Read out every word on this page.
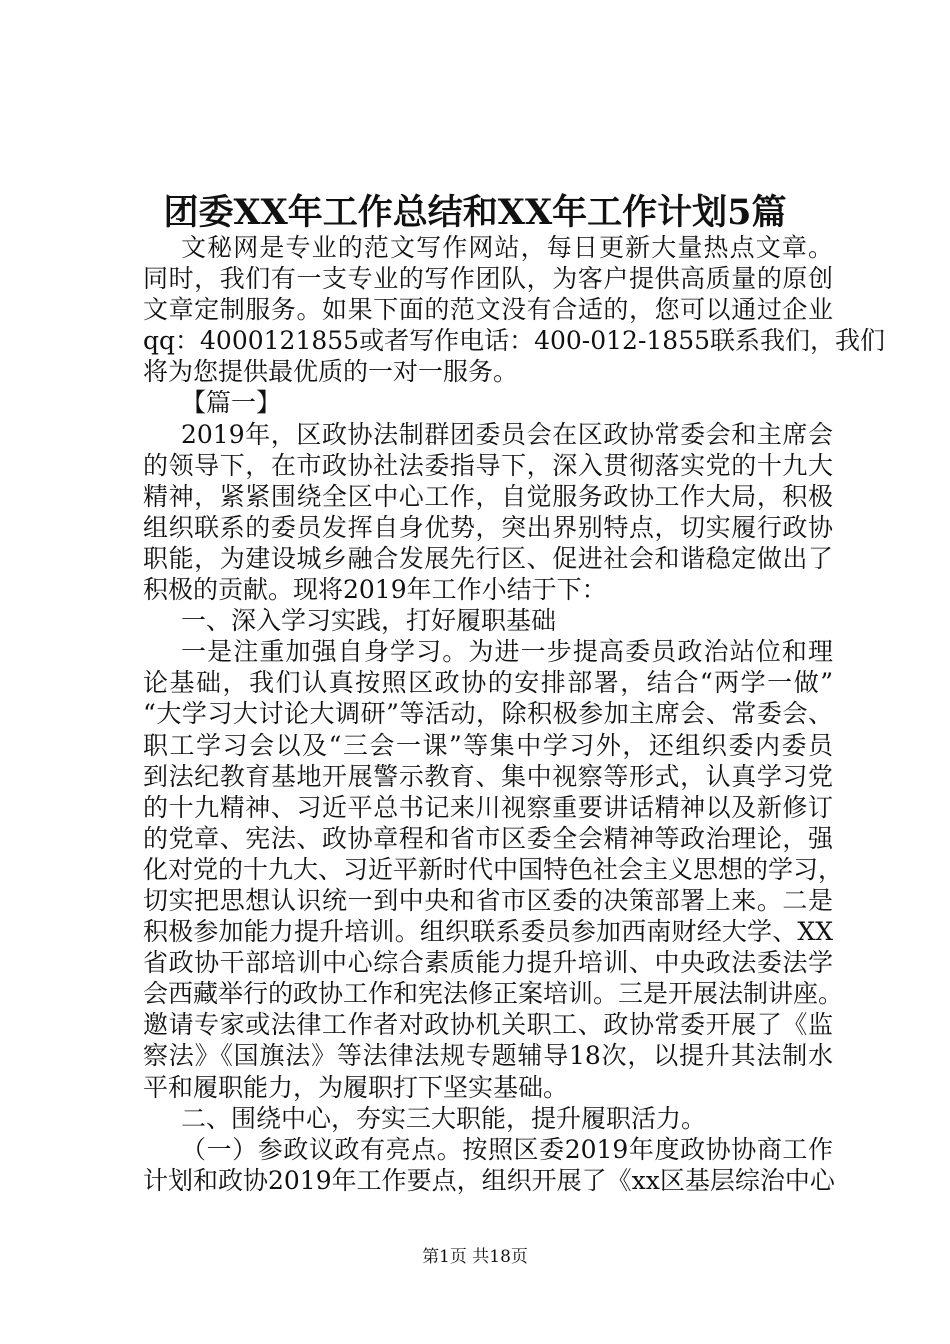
团委XX年工作总结和XX年工作计划5篇
文秘网是专业的范文写作网站，每日更新大量热点文章。
同时，我们有一支专业的写作团队，为客户提供高质量的原创
文章定制服务。如果下面的范文没有合适的，您可以通过企业
qq：4000121855或者写作电话：400-012-1855联系我们，我们
将为您提供最优质的一对一服务。
【篇一】
2019年，区政协法制群团委员会在区政协常委会和主席会
的领导下，在市政协社法委指导下，深入贯彻落实党的十九大
精神，紧紧围绕全区中心工作，自觉服务政协工作大局，积极
组织联系的委员发挥自身优势，突出界别特点，切实履行政协
职能，为建设城乡融合发展先行区、促进社会和谐稳定做出了
积极的贡献。现将2019年工作小结于下：
一、深入学习实践，打好履职基础
一是注重加强自身学习。为进一步提高委员政治站位和理
论基础，我们认真按照区政协的安排部署，结合“两学一做”
“大学习大讨论大调研”等活动，除积极参加主席会、常委会、
职工学习会以及“三会一课”等集中学习外，还组织委内委员
到法纪教育基地开展警示教育、集中视察等形式，认真学习党
的十九精神、习近平总书记来川视察重要讲话精神以及新修订
的党章、宪法、政协章程和省市区委全会精神等政治理论，强
化对党的十九大、习近平新时代中国特色社会主义思想的学习，
切实把思想认识统一到中央和省市区委的决策部署上来。二是
积极参加能力提升培训。组织联系委员参加西南财经大学、XX
省政协干部培训中心综合素质能力提升培训、中央政法委法学
会西藏举行的政协工作和宪法修正案培训。三是开展法制讲座。
邀请专家或法律工作者对政协机关职工、政协常委开展了《监
察法》《国旗法》等法律法规专题辅导18次，以提升其法制水
平和履职能力，为履职打下坚实基础。
二、围绕中心，夯实三大职能，提升履职活力。
（一）参政议政有亮点。按照区委2019年度政协协商工作
计划和政协2019年工作要点，组织开展了《xx区基层综治中心
第1页 共18页
